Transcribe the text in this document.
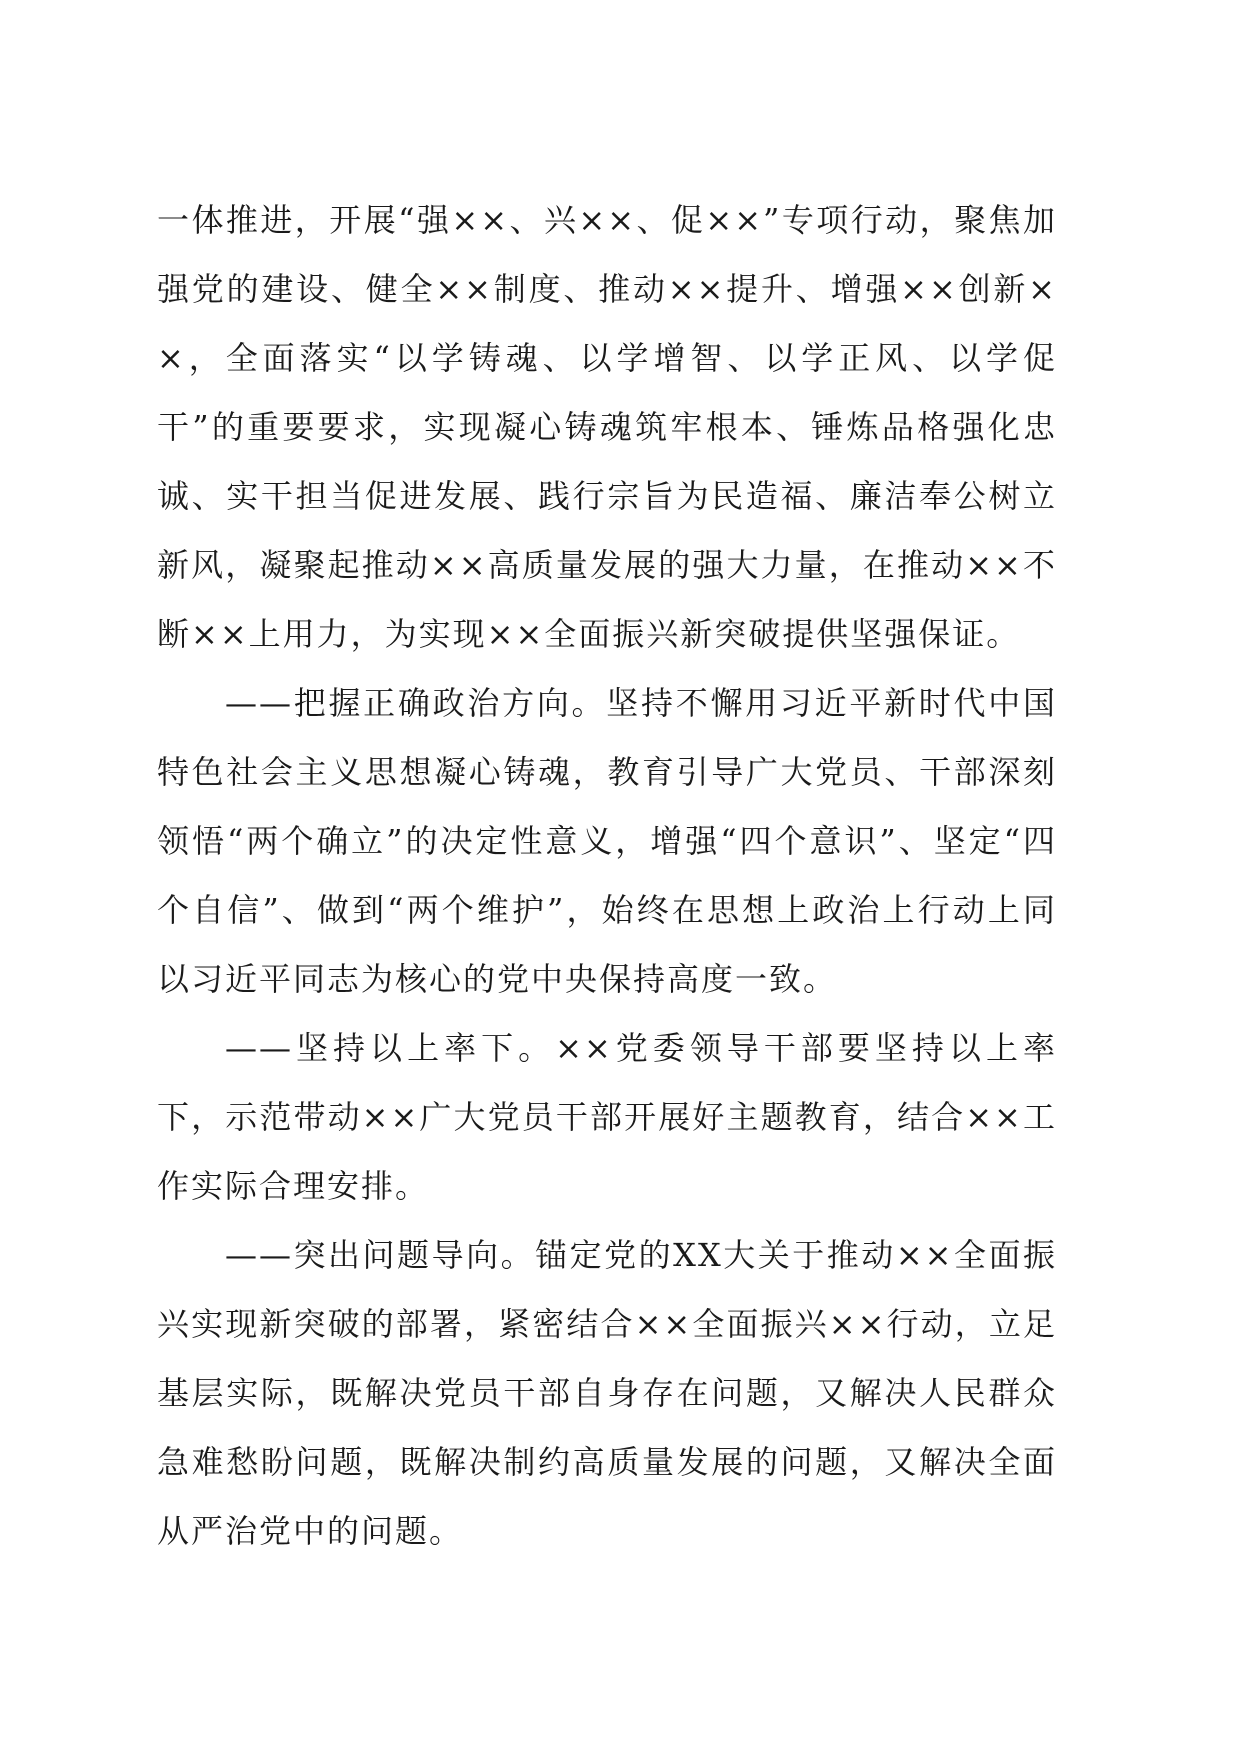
一体推进，开展“强××、兴××、促××”专项行动，聚焦加强党的建设、健全××制度、推动××提升、增强××创新××，全面落实“以学铸魂、以学增智、以学正风、以学促干”的重要要求，实现凝心铸魂筑牢根本、锤炼品格强化忠诚、实干担当促进发展、践行宗旨为民造福、廉洁奉公树立新风，凝聚起推动××高质量发展的强大力量，在推动××不断××上用力，为实现××全面振兴新突破提供坚强保证。

——把握正确政治方向。坚持不懈用习近平新时代中国特色社会主义思想凝心铸魂，教育引导广大党员、干部深刻领悟“两个确立”的决定性意义，增强“四个意识”、坚定“四个自信”、做到“两个维护”，始终在思想上政治上行动上同以习近平同志为核心的党中央保持高度一致。

——坚持以上率下。××党委领导干部要坚持以上率下，示范带动××广大党员干部开展好主题教育，结合××工作实际合理安排。

——突出问题导向。锚定党的XX大关于推动××全面振兴实现新突破的部署，紧密结合××全面振兴××行动，立足基层实际，既解决党员干部自身存在问题，又解决人民群众急难愁盼问题，既解决制约高质量发展的问题，又解决全面从严治党中的问题。
